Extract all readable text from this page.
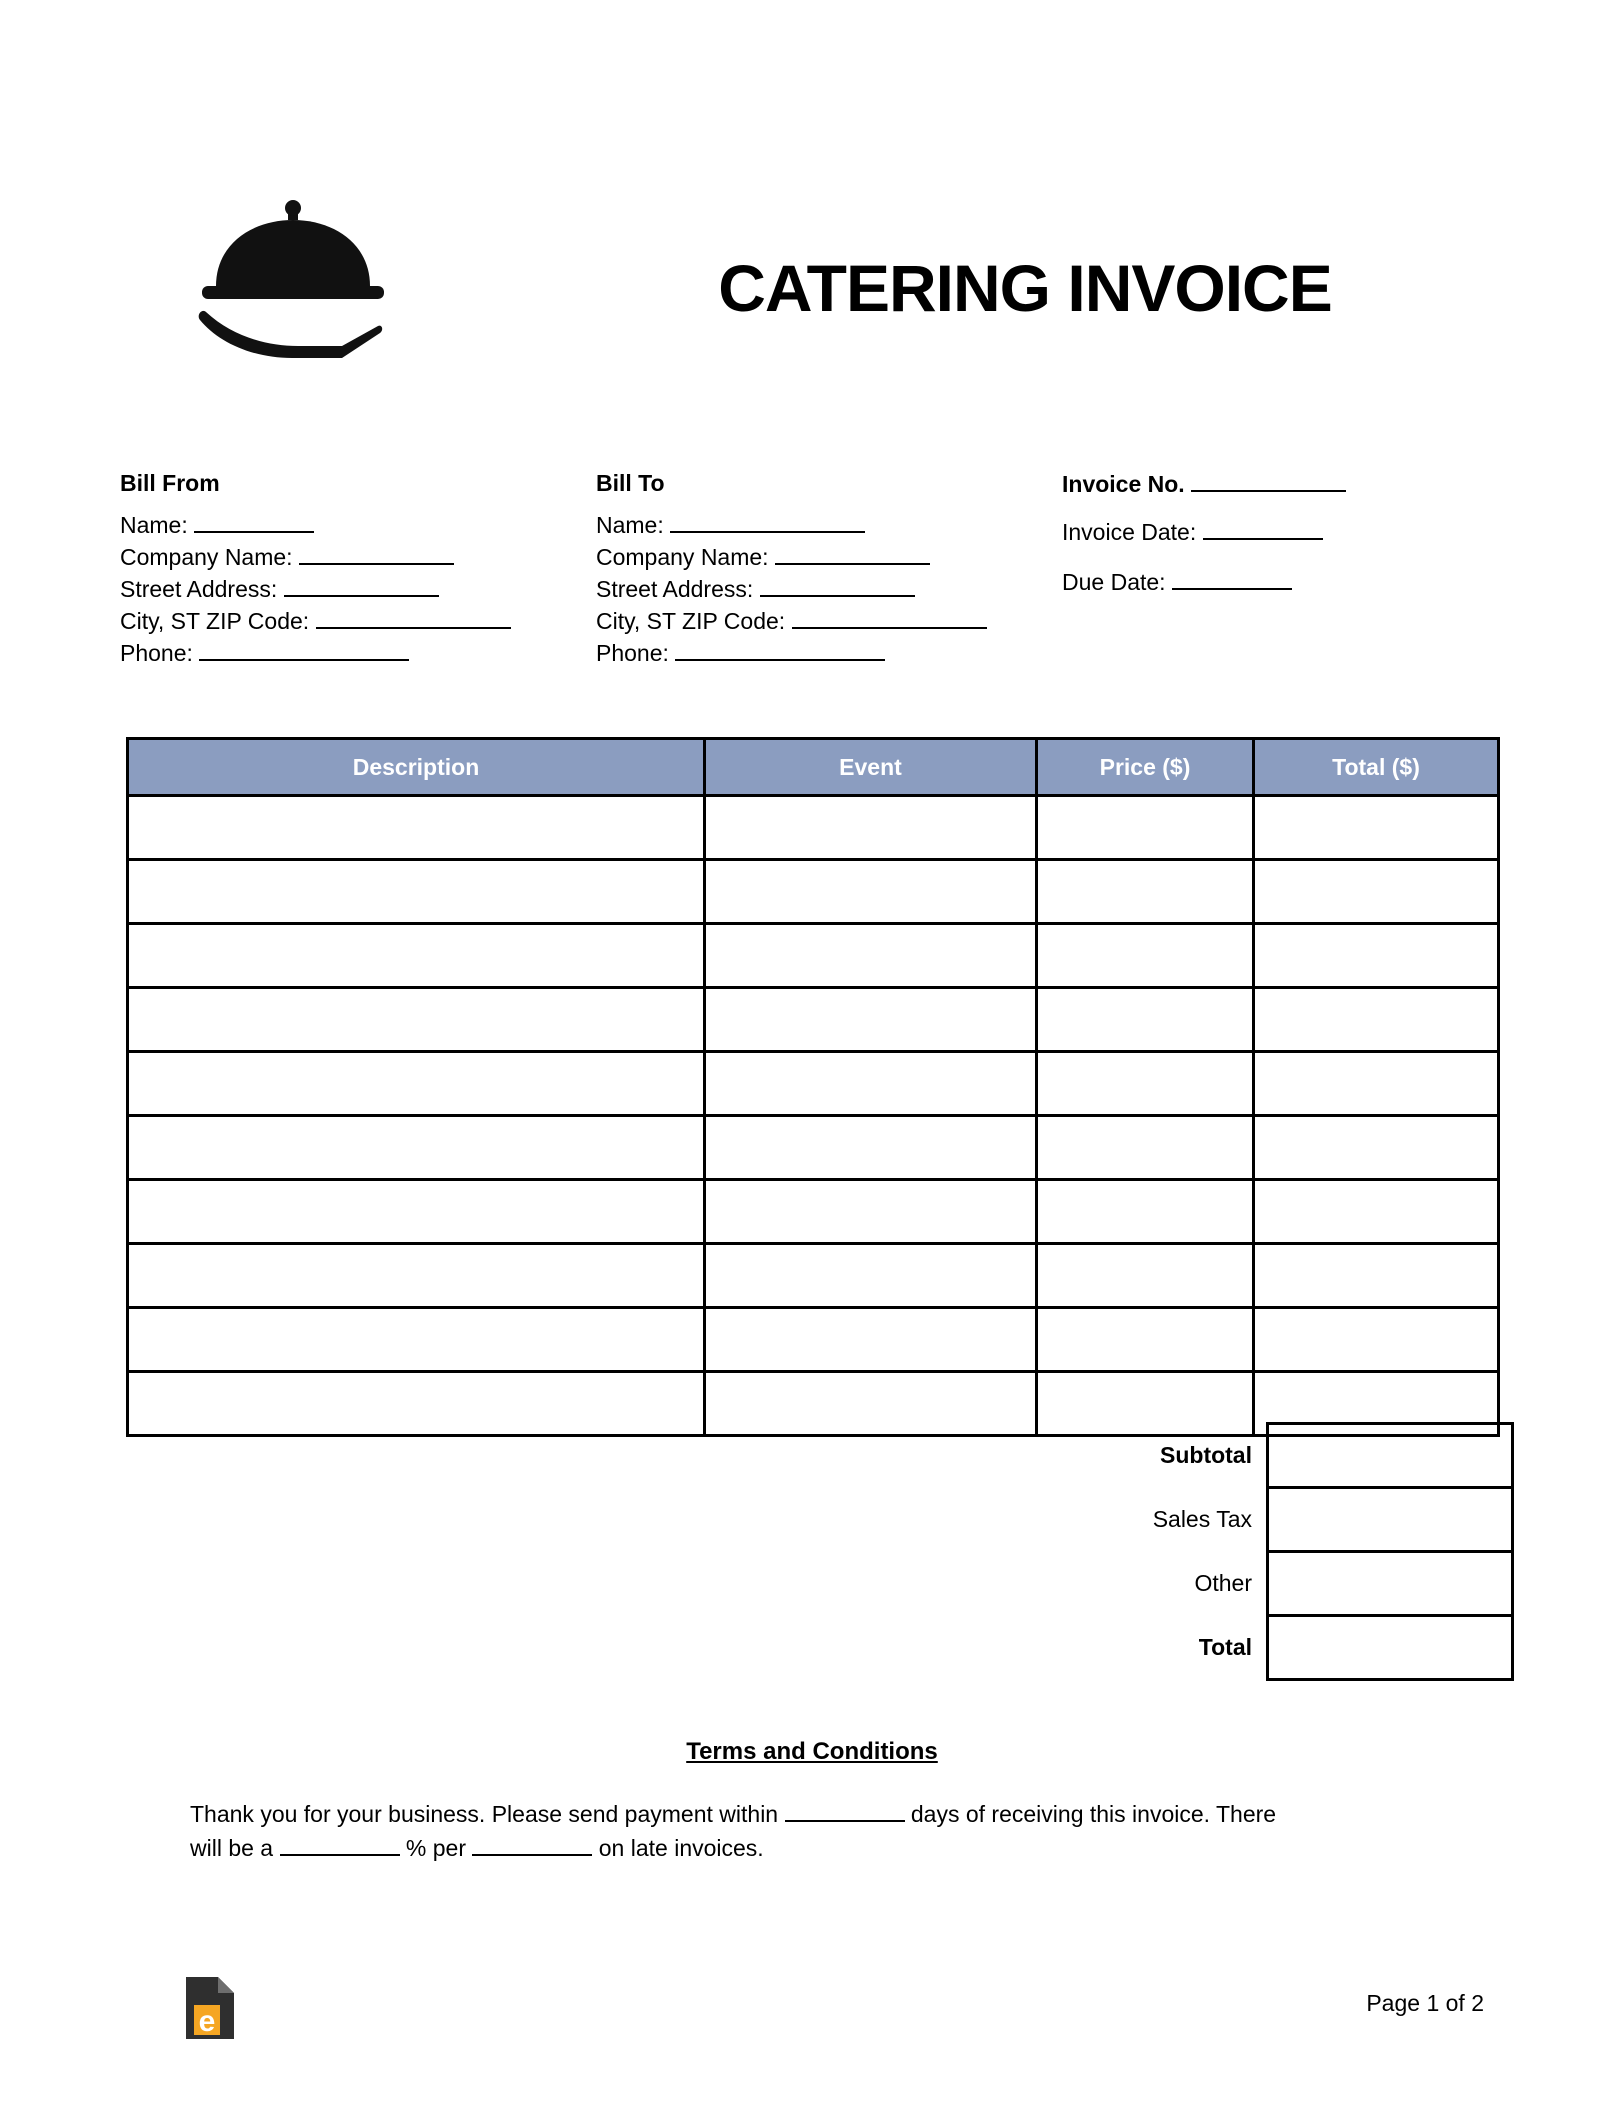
CATERING INVOICE
Bill From
Name:
Company Name:
Street Address:
City, ST ZIP Code:
Phone:
Bill To
Name:
Company Name:
Street Address:
City, ST ZIP Code:
Phone:
Invoice No.
Invoice Date:
Due Date:
Description	Event	Price ($)	Total ($)

Subtotal	
Sales Tax	
Other	
Total	
Terms and Conditions
Thank you for your business. Please send payment within	days of receiving this invoice. There
will be a	% per	on late invoices.
e
Page 1 of 2
